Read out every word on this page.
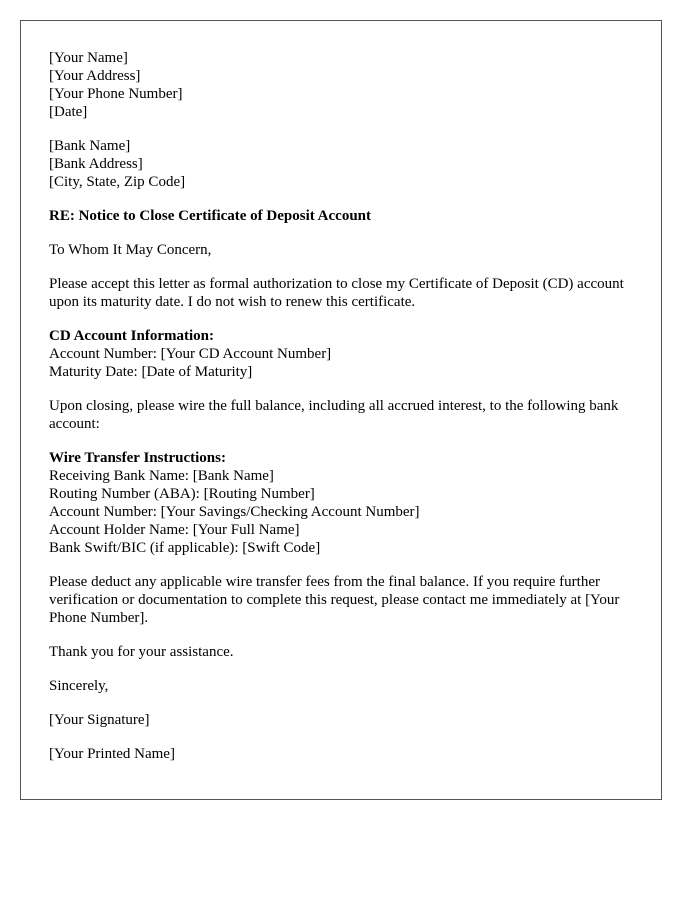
[Your Name]
[Your Address]
[Your Phone Number]
[Date]
[Bank Name]
[Bank Address]
[City, State, Zip Code]
RE: Notice to Close Certificate of Deposit Account
To Whom It May Concern,
Please accept this letter as formal authorization to close my Certificate of Deposit (CD) account upon its maturity date. I do not wish to renew this certificate.
CD Account Information:
Account Number: [Your CD Account Number]
Maturity Date: [Date of Maturity]
Upon closing, please wire the full balance, including all accrued interest, to the following bank account:
Wire Transfer Instructions:
Receiving Bank Name: [Bank Name]
Routing Number (ABA): [Routing Number]
Account Number: [Your Savings/Checking Account Number]
Account Holder Name: [Your Full Name]
Bank Swift/BIC (if applicable): [Swift Code]
Please deduct any applicable wire transfer fees from the final balance. If you require further verification or documentation to complete this request, please contact me immediately at [Your Phone Number].
Thank you for your assistance.
Sincerely,
[Your Signature]
[Your Printed Name]
